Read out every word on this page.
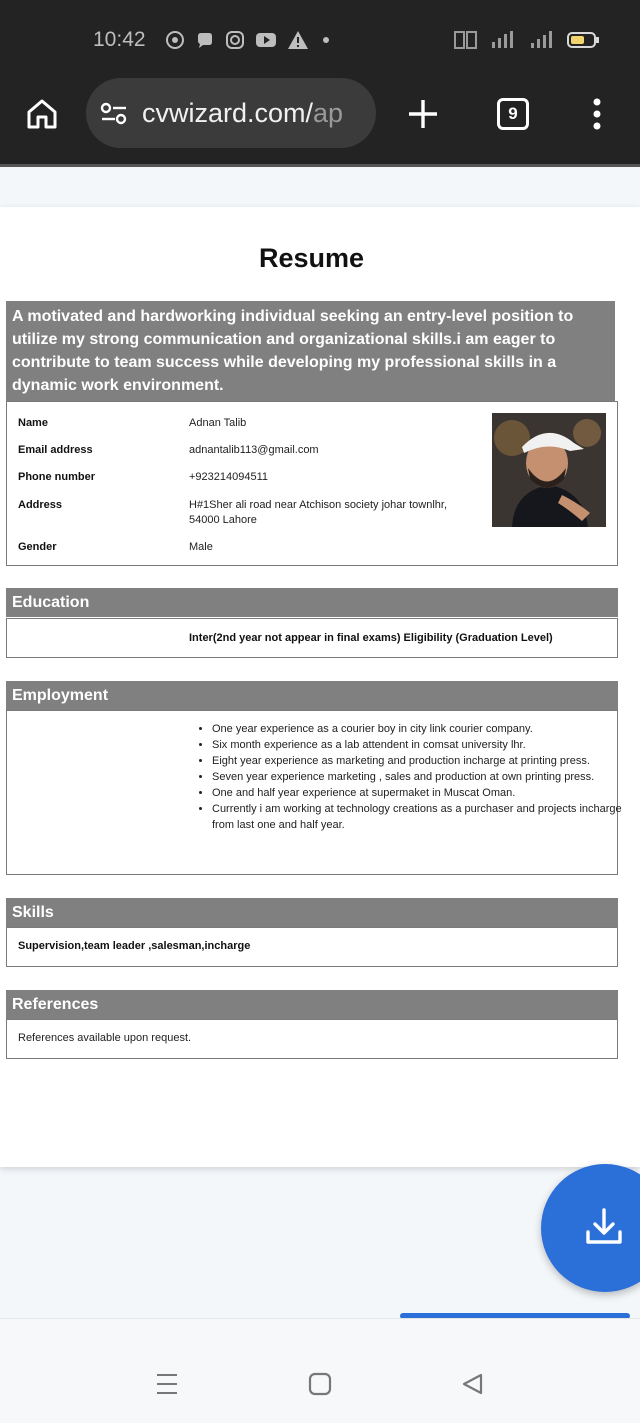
10:42
cvwizard.com/ap	9
Resume
A motivated and hardworking individual seeking an entry-level position to utilize my strong communication and organizational skills.i am eager to contribute to team success while developing my professional skills in a dynamic work environment.
Name	Adnan Talib
Email address	adnantalib113@gmail.com
Phone number	+923214094511
Address	H#1Sher ali road near Atchison society johar townlhr, 54000 Lahore
Gender	Male
Education
Inter(2nd year not appear in final exams) Eligibility (Graduation Level)
Employment
• One year experience as a courier boy in city link courier company.
• Six month experience as a lab attendent in comsat university lhr.
• Eight year experience as marketing and production incharge at printing press.
• Seven year experience marketing , sales and production at own printing press.
• One and half year experience at supermaket in Muscat Oman.
• Currently i am working at technology creations as a purchaser and projects incharge from last one and half year.
Skills
Supervision,team leader ,salesman,incharge
References
References available upon request.
